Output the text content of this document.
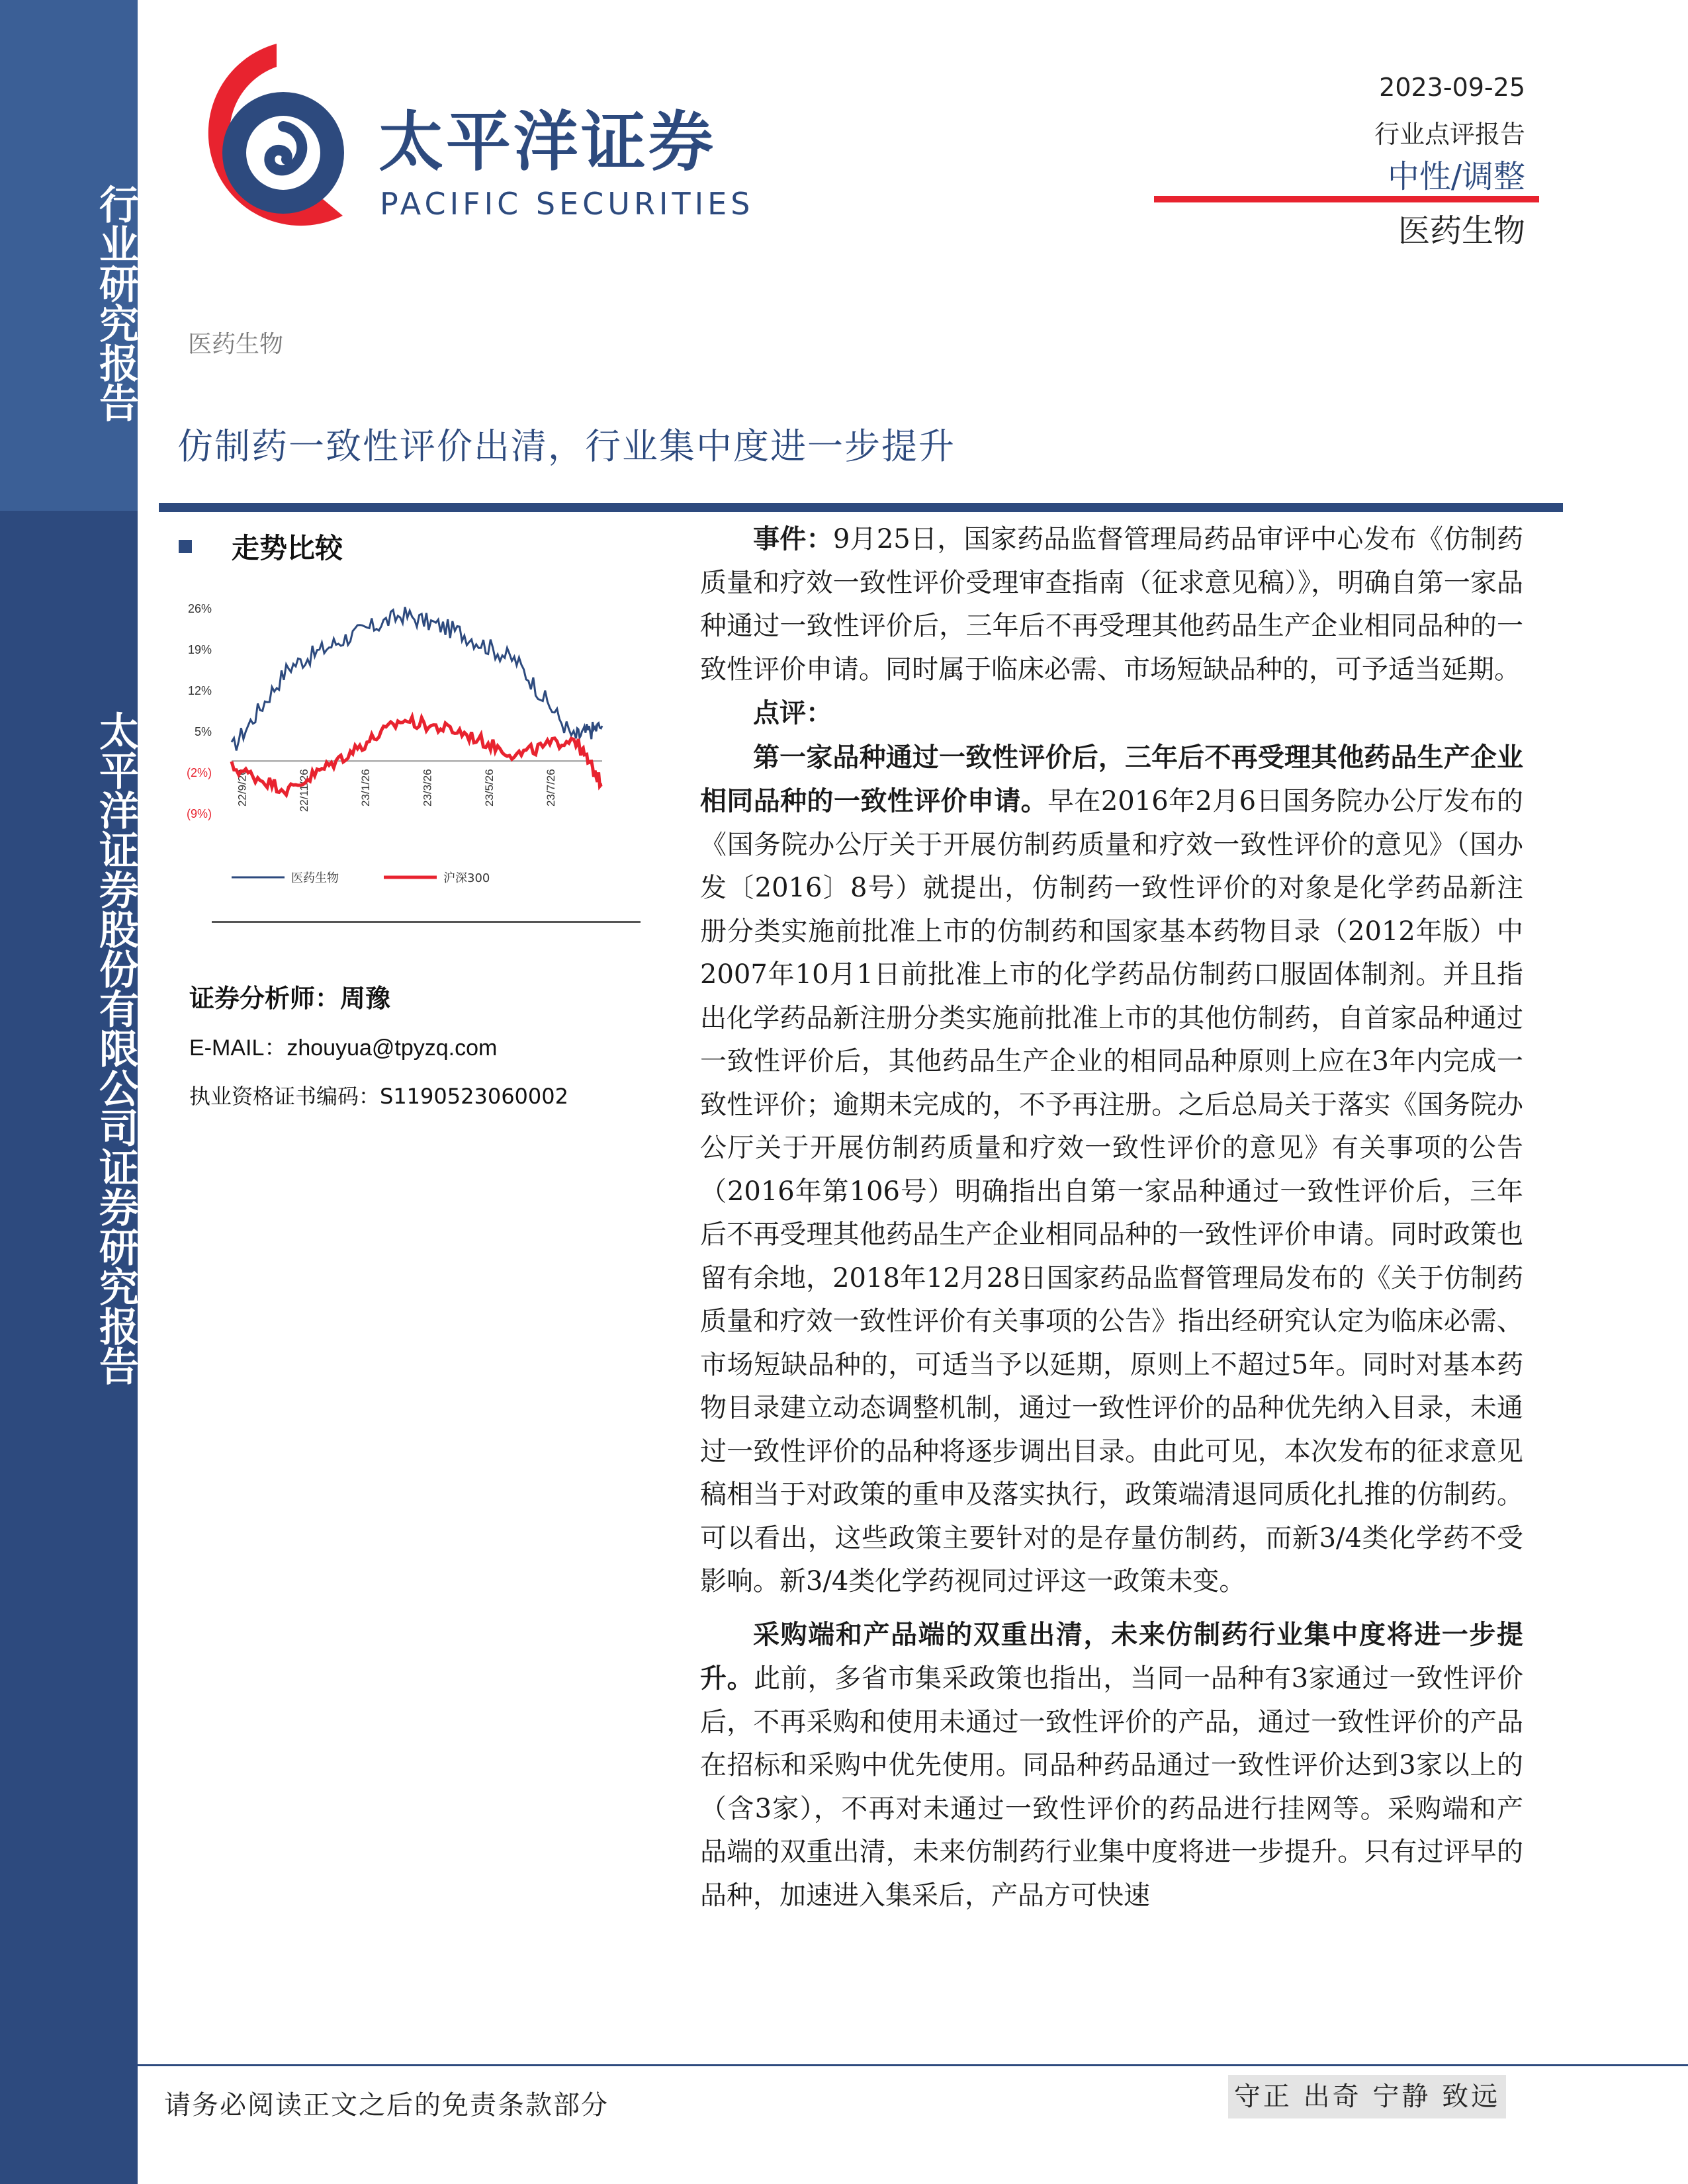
行业研究报告
太平洋证券股份有限公司证券研究报告
太平洋证券
PACIFIC SECURITIES
2023-09-25
行业点评报告
中性/调整
医药生物
医药生物
仿制药一致性评价出清，行业集中度进一步提升
走势比较
26%
19%
12%
5%
(2%)
(9%)
22/9/26	22/11/26	23/1/26	23/3/26	23/5/26	23/7/26
医药生物	沪深300
证券分析师：周豫
E-MAIL：zhouyua@tpyzq.com
执业资格证书编码：S1190523060002

事件：9月25日，国家药品监督管理局药品审评中心发布《仿制药质量和疗效一致性评价受理审查指南（征求意见稿）》，明确自第一家品种通过一致性评价后，三年后不再受理其他药品生产企业相同品种的一致性评价申请。同时属于临床必需、市场短缺品种的，可予适当延期。

点评：

第一家品种通过一致性评价后，三年后不再受理其他药品生产企业相同品种的一致性评价申请。早在2016年2月6日国务院办公厅发布的《国务院办公厅关于开展仿制药质量和疗效一致性评价的意见》（国办发〔2016〕8号）就提出，仿制药一致性评价的对象是化学药品新注册分类实施前批准上市的仿制药和国家基本药物目录（2012年版）中2007年10月1日前批准上市的化学药品仿制药口服固体制剂。并且指出化学药品新注册分类实施前批准上市的其他仿制药，自首家品种通过一致性评价后，其他药品生产企业的相同品种原则上应在3年内完成一致性评价；逾期未完成的，不予再注册。之后总局关于落实《国务院办公厅关于开展仿制药质量和疗效一致性评价的意见》有关事项的公告（2016年第106号）明确指出自第一家品种通过一致性评价后，三年后不再受理其他药品生产企业相同品种的一致性评价申请。同时政策也留有余地，2018年12月28日国家药品监督管理局发布的《关于仿制药质量和疗效一致性评价有关事项的公告》指出经研究认定为临床必需、市场短缺品种的，可适当予以延期，原则上不超过5年。同时对基本药物目录建立动态调整机制，通过一致性评价的品种优先纳入目录，未通过一致性评价的品种将逐步调出目录。由此可见，本次发布的征求意见稿相当于对政策的重申及落实执行，政策端清退同质化扎推的仿制药。可以看出，这些政策主要针对的是存量仿制药，而新3/4类化学药不受影响。新3/4类化学药视同过评这一政策未变。

采购端和产品端的双重出清，未来仿制药行业集中度将进一步提升。此前，多省市集采政策也指出，当同一品种有3家通过一致性评价后，不再采购和使用未通过一致性评价的产品，通过一致性评价的产品在招标和采购中优先使用。同品种药品通过一致性评价达到3家以上的（含3家），不再对未通过一致性评价的药品进行挂网等。采购端和产品端的双重出清，未来仿制药行业集中度将进一步提升。只有过评早的品种，加速进入集采后，产品方可快速

请务必阅读正文之后的免责条款部分	守正 出奇 宁静 致远
